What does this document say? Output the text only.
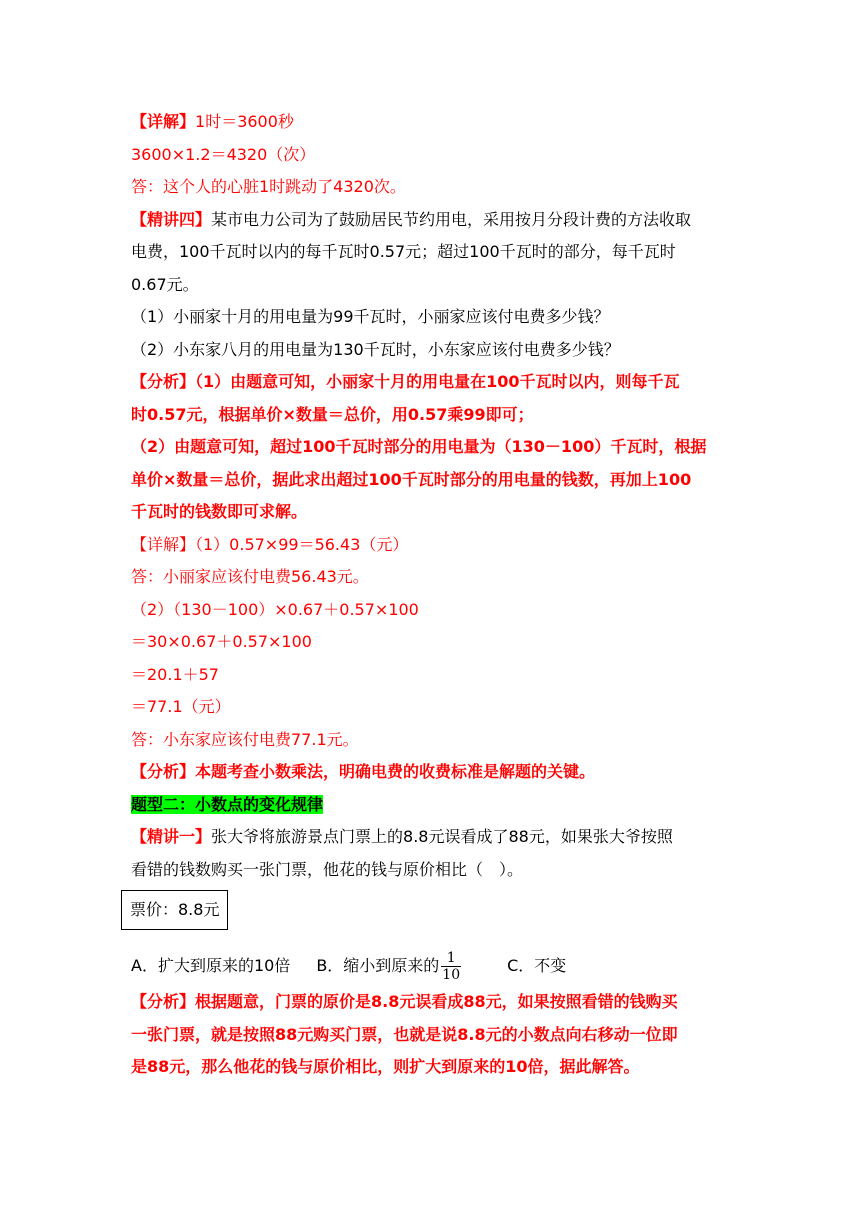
【详解】1时＝3600秒
3600×1.2＝4320（次）
答：这个人的心脏1时跳动了4320次。
【精讲四】某市电力公司为了鼓励居民节约用电，采用按月分段计费的方法收取
电费，100千瓦时以内的每千瓦时0.57元；超过100千瓦时的部分，每千瓦时
0.67元。
（1）小丽家十月的用电量为99千瓦时，小丽家应该付电费多少钱？
（2）小东家八月的用电量为130千瓦时，小东家应该付电费多少钱？
【分析】（1）由题意可知，小丽家十月的用电量在100千瓦时以内，则每千瓦
时0.57元，根据单价×数量＝总价，用0.57乘99即可；
（2）由题意可知，超过100千瓦时部分的用电量为（130－100）千瓦时，根据
单价×数量＝总价，据此求出超过100千瓦时部分的用电量的钱数，再加上100
千瓦时的钱数即可求解。
【详解】（1）0.57×99＝56.43（元）
答：小丽家应该付电费56.43元。
（2）（130－100）×0.67＋0.57×100
＝30×0.67＋0.57×100
＝20.1＋57
＝77.1（元）
答：小东家应该付电费77.1元。
【分析】本题考查小数乘法，明确电费的收费标准是解题的关键。
题型二：小数点的变化规律
【精讲一】张大爷将旅游景点门票上的8.8元误看成了88元，如果张大爷按照
看错的钱数购买一张门票，他花的钱与原价相比（　）。
票价：8.8元
A．扩大到原来的10倍 B．缩小到原来的 $\frac{1}{10}$	C．不变
【分析】根据题意，门票的原价是8.8元误看成88元，如果按照看错的钱购买
一张门票，就是按照88元购买门票，也就是说8.8元的小数点向右移动一位即
是88元，那么他花的钱与原价相比，则扩大到原来的10倍，据此解答。
